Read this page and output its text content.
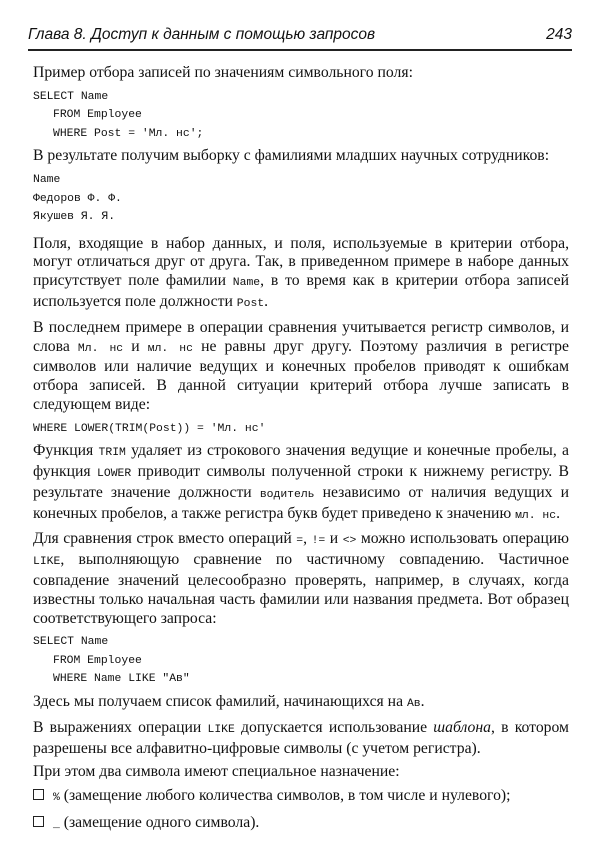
Глава 8. Доступ к данным с помощью запросов	243

Пример отбора записей по значениям символьного поля:

SELECT Name
FROM Employee
WHERE Post = 'Мл. нс';

В результате получим выборку с фамилиями младших научных сотрудников:

Name
Федоров Ф. Ф.
Якушев Я. Я.

Поля, входящие в набор данных, и поля, используемые в критерии отбора, могут отличаться друг от друга. Так, в приведенном примере в наборе данных присутствует поле фамилии Name, в то время как в критерии отбора записей используется поле должности Post.

В последнем примере в операции сравнения учитывается регистр символов, и слова Мл. нс и мл. нс не равны друг другу. Поэтому различия в регистре символов или наличие ведущих и конечных пробелов приводят к ошибкам отбора записей. В данной ситуации критерий отбора лучше записать в следующем виде:

WHERE LOWER(TRIM(Post)) = 'Мл. нс'

Функция TRIM удаляет из строкового значения ведущие и конечные пробелы, а функция LOWER приводит символы полученной строки к нижнему регистру. В результате значение должности водитель независимо от наличия ведущих и конечных пробелов, а также регистра букв будет приведено к значению мл. нс.

Для сравнения строк вместо операций =, != и <> можно использовать операцию LIKE, выполняющую сравнение по частичному совпадению. Частичное совпадение значений целесообразно проверять, например, в случаях, когда известны только начальная часть фамилии или названия предмета. Вот образец соответствующего запроса:

SELECT Name
FROM Employee
WHERE Name LIKE "Ав"

Здесь мы получаем список фамилий, начинающихся на Ав.

В выражениях операции LIKE допускается использование шаблона, в котором разрешены все алфавитно-цифровые символы (с учетом регистра).

При этом два символа имеют специальное назначение:

% (замещение любого количества символов, в том числе и нулевого);
_ (замещение одного символа).
